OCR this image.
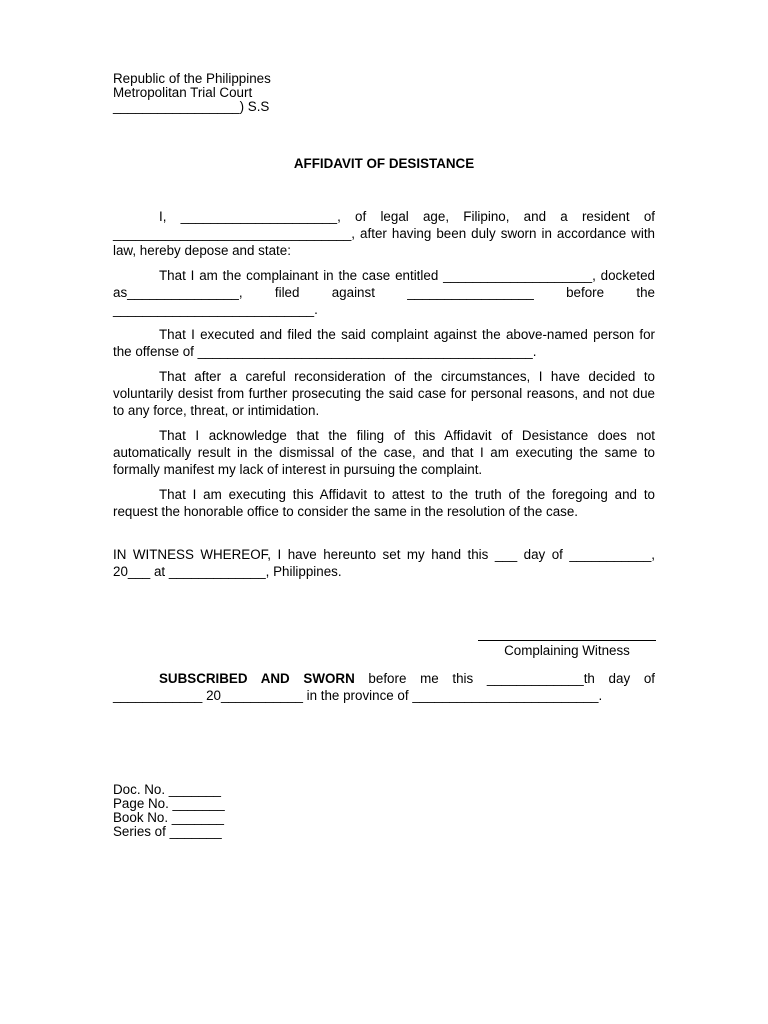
Republic of the Philippines
Metropolitan Trial Court
_________________) S.S
AFFIDAVIT OF DESISTANCE

I, _____________________, of legal age, Filipino, and a resident of ________________________________, after having been duly sworn in accordance with law, hereby depose and state:

That I am the complainant in the case entitled ____________________, docketed as_______________, filed against _________________ before the ___________________________.

That I executed and filed the said complaint against the above-named person for the offense of _____________________________________________.

That after a careful reconsideration of the circumstances, I have decided to voluntarily desist from further prosecuting the said case for personal reasons, and not due to any force, threat, or intimidation.

That I acknowledge that the filing of this Affidavit of Desistance does not automatically result in the dismissal of the case, and that I am executing the same to formally manifest my lack of interest in pursuing the complaint.

That I am executing this Affidavit to attest to the truth of the foregoing and to request the honorable office to consider the same in the resolution of the case.

IN WITNESS WHEREOF, I have hereunto set my hand this ___ day of ___________, 20___ at _____________, Philippines.

Complaining Witness

SUBSCRIBED AND SWORN before me this _____________th day of ____________ 20___________ in the province of _________________________.

Doc. No. _______
Page No. _______
Book No. _______
Series of _______
